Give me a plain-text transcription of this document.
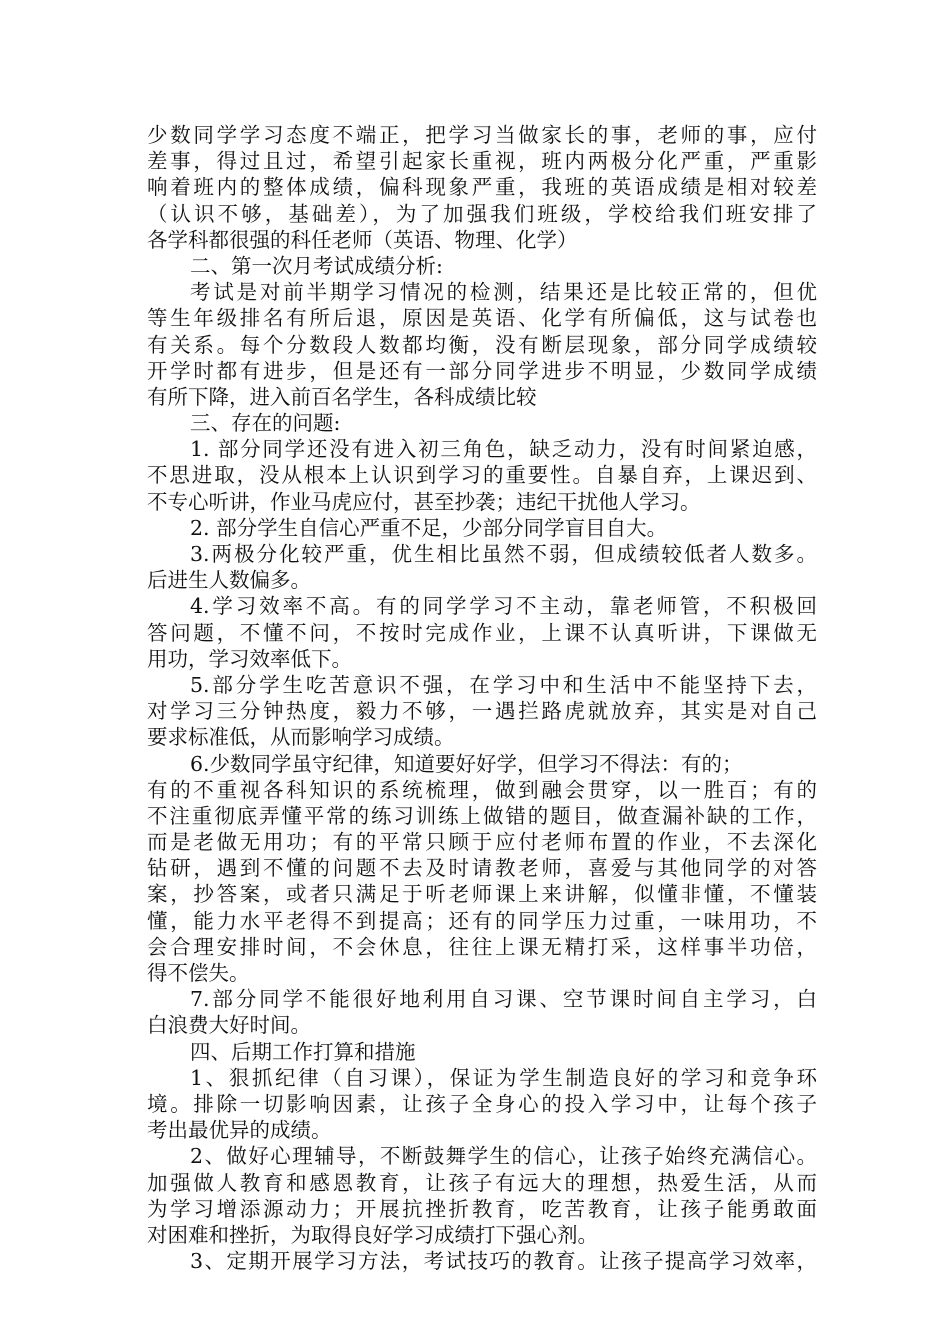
少数同学学习态度不端正，把学习当做家长的事，老师的事，应付
差事，得过且过，希望引起家长重视，班内两极分化严重，严重影
响着班内的整体成绩，偏科现象严重，我班的英语成绩是相对较差
（认识不够，基础差），为了加强我们班级，学校给我们班安排了
各学科都很强的科任老师（英语、物理、化学）
二、第一次月考试成绩分析:
考试是对前半期学习情况的检测，结果还是比较正常的，但优
等生年级排名有所后退，原因是英语、化学有所偏低，这与试卷也
有关系。每个分数段人数都均衡，没有断层现象，部分同学成绩较
开学时都有进步，但是还有一部分同学进步不明显，少数同学成绩
有所下降，进入前百名学生，各科成绩比较
三、存在的问题:
1. 部分同学还没有进入初三角色，缺乏动力，没有时间紧迫感，
不思进取，没从根本上认识到学习的重要性。自暴自弃，上课迟到、
不专心听讲，作业马虎应付，甚至抄袭；违纪干扰他人学习。
2. 部分学生自信心严重不足，少部分同学盲目自大。
3.两极分化较严重，优生相比虽然不弱，但成绩较低者人数多。
后进生人数偏多。
4.学习效率不高。有的同学学习不主动，靠老师管，不积极回
答问题，不懂不问，不按时完成作业，上课不认真听讲，下课做无
用功，学习效率低下。
5.部分学生吃苦意识不强，在学习中和生活中不能坚持下去，
对学习三分钟热度，毅力不够，一遇拦路虎就放弃，其实是对自己
要求标准低，从而影响学习成绩。
6.少数同学虽守纪律，知道要好好学，但学习不得法：有的；
有的不重视各科知识的系统梳理，做到融会贯穿，以一胜百；有的
不注重彻底弄懂平常的练习训练上做错的题目，做查漏补缺的工作，
而是老做无用功；有的平常只顾于应付老师布置的作业，不去深化
钻研，遇到不懂的问题不去及时请教老师，喜爱与其他同学的对答
案，抄答案，或者只满足于听老师课上来讲解，似懂非懂，不懂装
懂，能力水平老得不到提高；还有的同学压力过重，一味用功，不
会合理安排时间，不会休息，往往上课无精打采，这样事半功倍，
得不偿失。
7.部分同学不能很好地利用自习课、空节课时间自主学习，白
白浪费大好时间。
四、后期工作打算和措施
1、狠抓纪律（自习课），保证为学生制造良好的学习和竞争环
境。排除一切影响因素，让孩子全身心的投入学习中，让每个孩子
考出最优异的成绩。
2、做好心理辅导，不断鼓舞学生的信心，让孩子始终充满信心。
加强做人教育和感恩教育，让孩子有远大的理想，热爱生活，从而
为学习增添源动力；开展抗挫折教育，吃苦教育，让孩子能勇敢面
对困难和挫折，为取得良好学习成绩打下强心剂。
3、定期开展学习方法，考试技巧的教育。让孩子提高学习效率，
